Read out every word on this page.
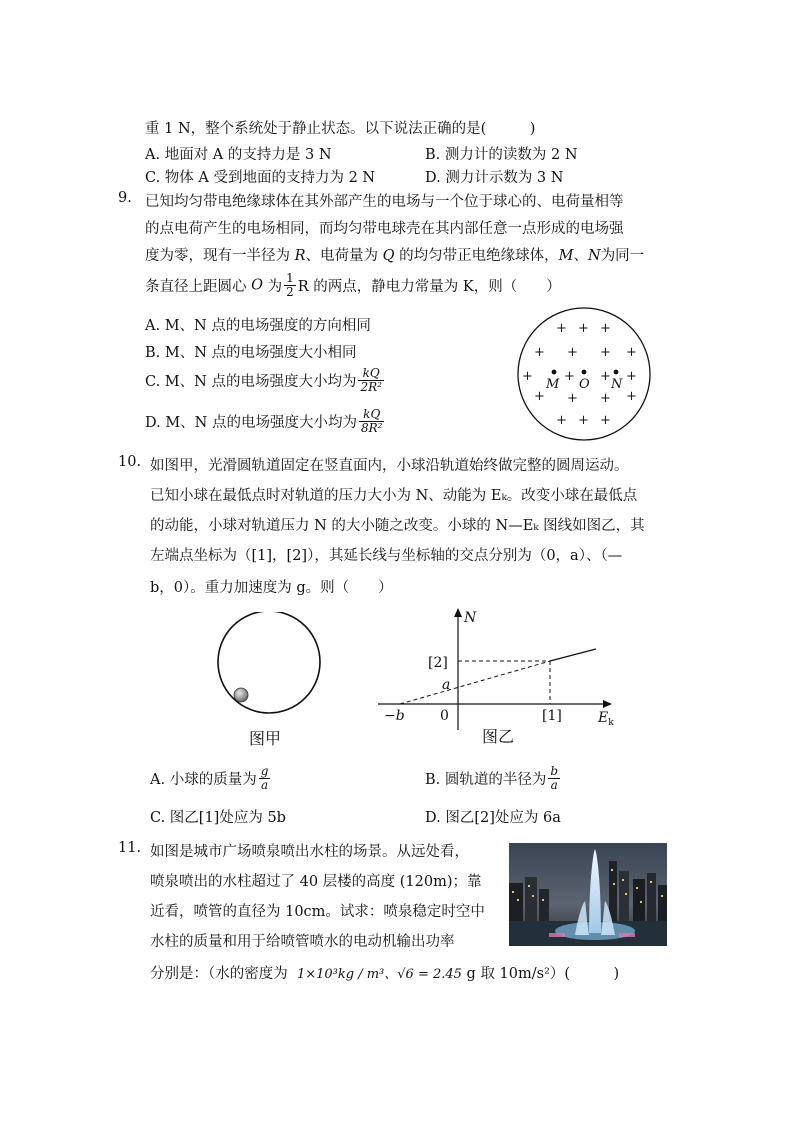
重 1 N，整个系统处于静止状态。以下说法正确的是(　　　)
A. 地面对 A 的支持力是 3 N	B. 测力计的读数为 2 N
C. 物体 A 受到地面的支持力为 2 N	D. 测力计示数为 3 N
9. 已知均匀带电绝缘球体在其外部产生的电场与一个位于球心的、电荷量相等
的点电荷产生的电场相同，而均匀带电球壳在其内部任意一点形成的电场强
度为零，现有一半径为 R、电荷量为 Q 的均匀带正电绝缘球体，M、N为同一
条直径上距圆心 O 为 $\frac{1}{2}$ R 的两点，静电力常量为 K，则（　　）
A. M、N 点的电场强度的方向相同
B. M、N 点的电场强度大小相同
C. M、N 点的电场强度大小均为 $\frac{kQ}{\text{2R²}}$
D. M、N 点的电场强度大小均为 $\frac{kQ}{\text{8R²}}$
+ +
+
+ + + +
+ + + +
+ + + +
+ + +
M O N
10. 如图甲，光滑圆轨道固定在竖直面内，小球沿轨道始终做完整的圆周运动。
已知小球在最低点时对轨道的压力大小为 N、动能为 Eₖ。改变小球在最低点
的动能，小球对轨道压力 N 的大小随之改变。小球的 N—Eₖ 图线如图乙，其
左端点坐标为（[1]，[2]），其延长线与坐标轴的交点分别为（0，a）、（—
b，0）。重力加速度为 g。则（　　）
图甲
N
$E_k$
[2]
a
−b	0	[1]
图乙
A. 小球的质量为 $\frac{g}{a}$	B. 圆轨道的半径为 $\frac{b}{a}$
C. 图乙[1]处应为 5b	D. 图乙[2]处应为 6a
11. 如图是城市广场喷泉喷出水柱的场景。从远处看，
喷泉喷出的水柱超过了 40 层楼的高度 (120m)；靠
近看，喷管的直径为 10cm。试求：喷泉稳定时空中
水柱的质量和用于给喷管喷水的电动机输出功率
分别是：（水的密度为 1×10³kg / m³、√6 = 2.45 g 取 10m/s²）(　　　)
